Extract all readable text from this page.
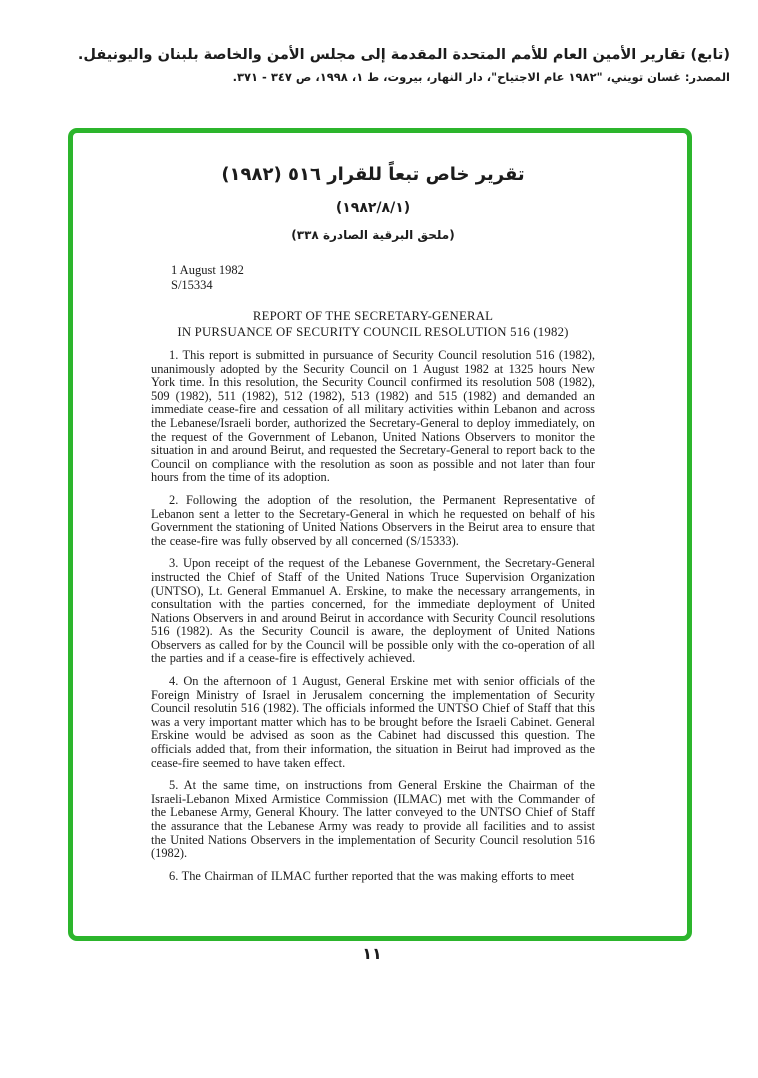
(تابع) تقارير الأمين العام للأمم المتحدة المقدمة إلى مجلس الأمن والخاصة بلبنان واليونيفل.
المصدر: غسان تويني، "١٩٨٢ عام الاجتياح"، دار النهار، بيروت، ط ١، ١٩٩٨، ص ٣٤٧ - ٣٧١.
تقرير خاص تبعاً للقرار ٥١٦ (١٩٨٢)
(١٩٨٢/٨/١)
(ملحق البرقية الصادرة ٣٣٨)
1 August 1982
S/15334
REPORT OF THE SECRETARY-GENERAL
IN PURSUANCE OF SECURITY COUNCIL RESOLUTION 516 (1982)

1. This report is submitted in pursuance of Security Council resolution 516 (1982), unanimously adopted by the Security Council on 1 August 1982 at 1325 hours New York time. In this resolution, the Security Council confirmed its resolution 508 (1982), 509 (1982), 511 (1982), 512 (1982), 513 (1982) and 515 (1982) and demanded an immediate cease-fire and cessation of all military activities within Lebanon and across the Lebanese/Israeli border, authorized the Secretary-General to deploy immediately, on the request of the Government of Lebanon, United Nations Observers to monitor the situation in and around Beirut, and requested the Secretary-General to report back to the Council on compliance with the resolution as soon as possible and not later than four hours from the time of its adoption.

2. Following the adoption of the resolution, the Permanent Representative of Lebanon sent a letter to the Secretary-General in which he requested on behalf of his Government the stationing of United Nations Observers in the Beirut area to ensure that the cease-fire was fully observed by all concerned (S/15333).

3. Upon receipt of the request of the Lebanese Government, the Secretary-General instructed the Chief of Staff of the United Nations Truce Supervision Organization (UNTSO), Lt. General Emmanuel A. Erskine, to make the necessary arrangements, in consultation with the parties concerned, for the immediate deployment of United Nations Observers in and around Beirut in accordance with Security Council resolutions 516 (1982). As the Security Council is aware, the deployment of United Nations Observers as called for by the Council will be possible only with the co-operation of all the parties and if a cease-fire is effectively achieved.

4. On the afternoon of 1 August, General Erskine met with senior officials of the Foreign Ministry of Israel in Jerusalem concerning the implementation of Security Council resolutin 516 (1982). The officials informed the UNTSO Chief of Staff that this was a very important matter which has to be brought before the Israeli Cabinet. General Erskine would be advised as soon as the Cabinet had discussed this question. The officials added that, from their information, the situation in Beirut had improved as the cease-fire seemed to have taken effect.

5. At the same time, on instructions from General Erskine the Chairman of the Israeli-Lebanon Mixed Armistice Commission (ILMAC) met with the Commander of the Lebanese Army, General Khoury. The latter conveyed to the UNTSO Chief of Staff the assurance that the Lebanese Army was ready to provide all facilities and to assist the United Nations Observers in the implementation of Security Council resolution 516 (1982).

6. The Chairman of ILMAC further reported that the was making efforts to meet

١١
